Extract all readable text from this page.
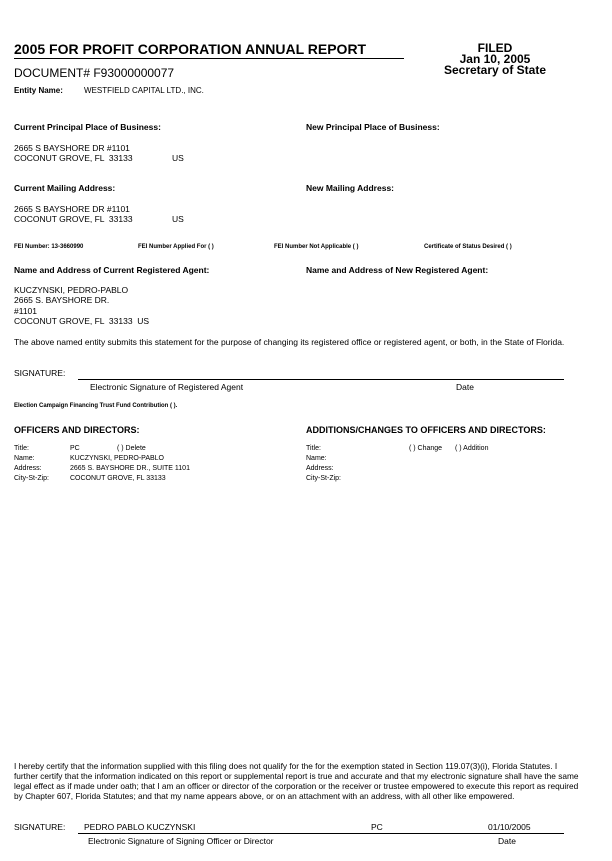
2005 FOR PROFIT CORPORATION ANNUAL REPORT
DOCUMENT# F93000000077
FILED
Jan 10, 2005
Secretary of State
Entity Name:	WESTFIELD CAPITAL LTD., INC.
Current Principal Place of Business:	New Principal Place of Business:
2665 S BAYSHORE DR #1101
COCONUT GROVE, FL  33133	US
Current Mailing Address:	New Mailing Address:
2665 S BAYSHORE DR #1101
COCONUT GROVE, FL  33133	US
FEI Number: 13-3660990	FEI Number Applied For ( )	FEI Number Not Applicable ( )	Certificate of Status Desired ( )
Name and Address of Current Registered Agent:	Name and Address of New Registered Agent:
KUCZYNSKI, PEDRO-PABLO
2665 S. BAYSHORE DR.
#1101
COCONUT GROVE, FL  33133  US
The above named entity submits this statement for the purpose of changing its registered office or registered agent, or both, in the State of Florida.
SIGNATURE:
Electronic Signature of Registered Agent	Date
Election Campaign Financing Trust Fund Contribution ( ).
OFFICERS AND DIRECTORS:	ADDITIONS/CHANGES TO OFFICERS AND DIRECTORS:
Title:	PC	( ) Delete
Name:	KUCZYNSKI, PEDRO-PABLO
Address:	2665 S. BAYSHORE DR., SUITE 1101
City-St-Zip:	COCONUT GROVE, FL 33133
Title:	( ) Change ( ) Addition
Name:
Address:
City-St-Zip:
I hereby certify that the information supplied with this filing does not qualify for the for the exemption stated in Section 119.07(3)(i), Florida Statutes. I further certify that the information indicated on this report or supplemental report is true and accurate and that my electronic signature shall have the same legal effect as if made under oath; that I am an officer or director of the corporation or the receiver or trustee empowered to execute this report as required by Chapter 607, Florida Statutes; and that my name appears above, or on an attachment with an address, with all other like empowered.
SIGNATURE: PEDRO PABLO KUCZYNSKI	PC	01/10/2005
Electronic Signature of Signing Officer or Director	Date
